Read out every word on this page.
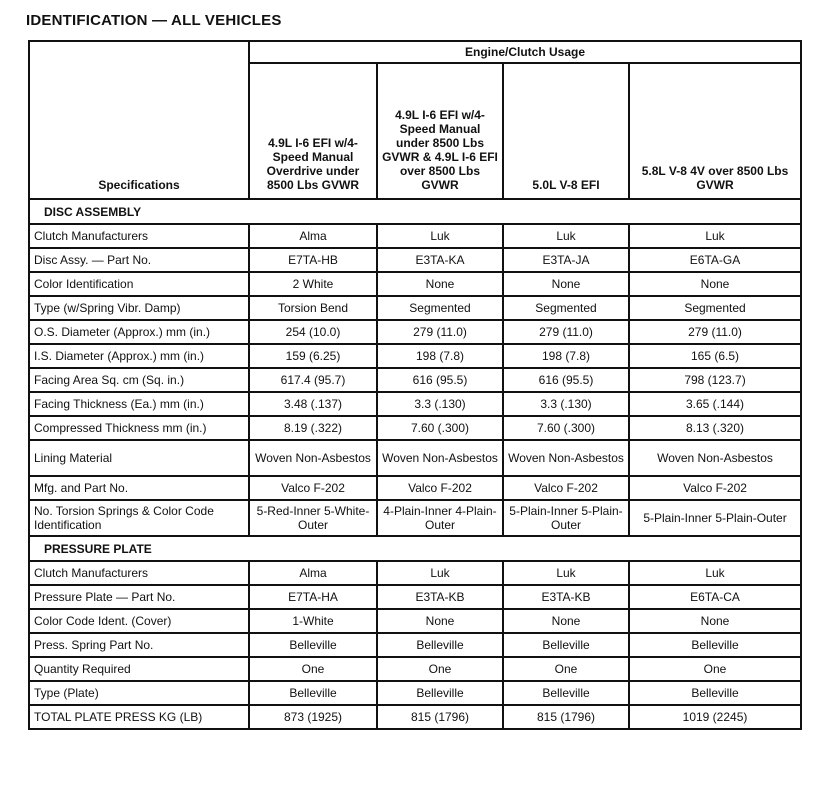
IDENTIFICATION — ALL VEHICLES
Specifications	Engine/Clutch Usage			
	4.9L I-6 EFI w/4-Speed Manual Overdrive under 8500 Lbs GVWR	4.9L I-6 EFI w/4-Speed Manual under 8500 Lbs GVWR & 4.9L I-6 EFI over 8500 Lbs GVWR	5.0L V-8 EFI	5.8L V-8 4V over 8500 Lbs GVWR
DISC ASSEMBLY				
Clutch Manufacturers	Alma	Luk	Luk	Luk
Disc Assy. — Part No.	E7TA-HB	E3TA-KA	E3TA-JA	E6TA-GA
Color Identification	2 White	None	None	None
Type (w/Spring Vibr. Damp)	Torsion Bend	Segmented	Segmented	Segmented
O.S. Diameter (Approx.) mm (in.)	254 (10.0)	279 (11.0)	279 (11.0)	279 (11.0)
I.S. Diameter (Approx.) mm (in.)	159 (6.25)	198 (7.8)	198 (7.8)	165 (6.5)
Facing Area Sq. cm (Sq. in.)	617.4 (95.7)	616 (95.5)	616 (95.5)	798 (123.7)
Facing Thickness (Ea.) mm (in.)	3.48 (.137)	3.3 (.130)	3.3 (.130)	3.65 (.144)
Compressed Thickness mm (in.)	8.19 (.322)	7.60 (.300)	7.60 (.300)	8.13 (.320)
Lining Material	Woven Non-Asbestos	Woven Non-Asbestos	Woven Non-Asbestos	Woven Non-Asbestos
Mfg. and Part No.	Valco F-202	Valco F-202	Valco F-202	Valco F-202
No. Torsion Springs & Color Code Identification	5-Red-Inner 5-White-Outer	4-Plain-Inner 4-Plain-Outer	5-Plain-Inner 5-Plain-Outer	5-Plain-Inner 5-Plain-Outer
PRESSURE PLATE				
Clutch Manufacturers	Alma	Luk	Luk	Luk
Pressure Plate — Part No.	E7TA-HA	E3TA-KB	E3TA-KB	E6TA-CA
Color Code Ident. (Cover)	1-White	None	None	None
Press. Spring Part No.	Belleville	Belleville	Belleville	Belleville
Quantity Required	One	One	One	One
Type (Plate)	Belleville	Belleville	Belleville	Belleville
TOTAL PLATE PRESS KG (LB)	873 (1925)	815 (1796)	815 (1796)	1019 (2245)
